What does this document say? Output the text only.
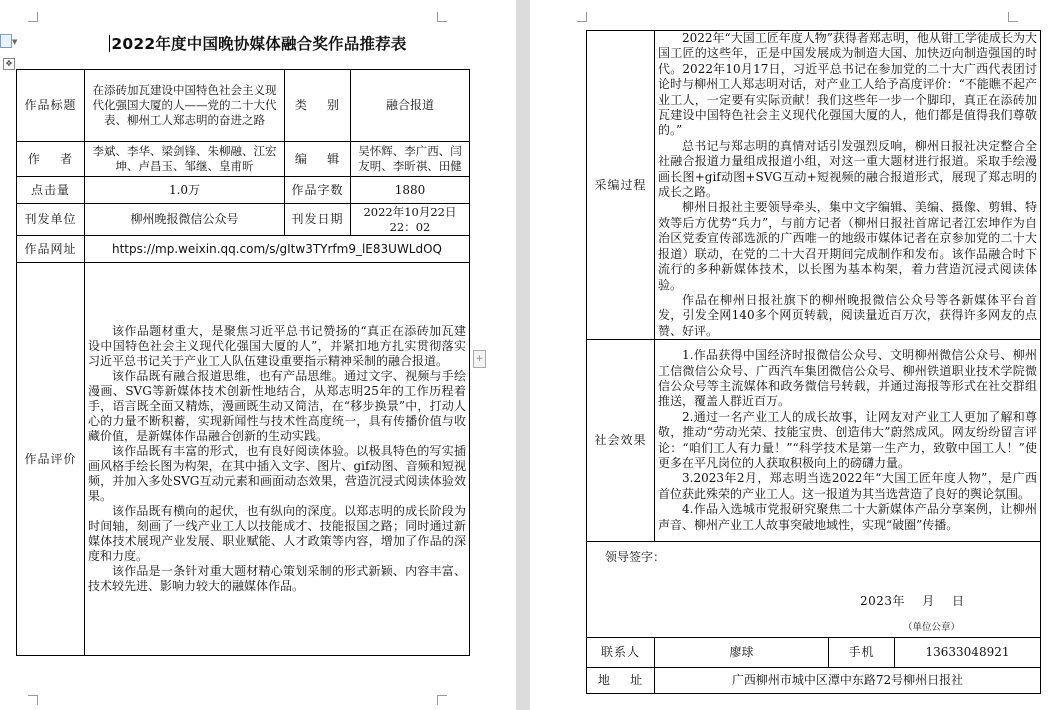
▼	2022年度中国晚协媒体融合奖作品推荐表
✥
作品标题	在添砖加瓦建设中国特色社会主义现代化强国大厦的人——党的二十大代表、柳州工人郑志明的奋进之路	类    别	融合报道
作    者	李斌、李华、梁剑锋、朱柳融、江宏坤、卢昌玉、邹继、皇甫昕	编    辑	吴怀辉、李广西、闫友明、李昕祺、田健
点击量	1.0万	作品字数	1880
刊发单位	柳州晚报微信公众号	刊发日期	2022年10月22日22：02
作品网址	https://mp.weixin.qq.com/s/gItw3TYrfm9_lE83UWLdOQ		
作品评价	该作品题材重大，是聚焦习近平总书记赞扬的“真正在添砖加瓦建设中国特色社会主义现代化强国大厦的人”，并紧扣地方扎实贯彻落实习近平总书记关于产业工人队伍建设重要指示精神采制的融合报道。

该作品既有融合报道思维，也有产品思维。通过文字、视频与手绘漫画、SVG等新媒体技术创新性地结合，从郑志明25年的工作历程着手，语言既全面又精炼，漫画既生动又简洁，在“移步换景”中，打动人心的力量不断积蓄，实现新闻性与技术性高度统一，具有传播价值与收藏价值，是新媒体作品融合创新的生动实践。

该作品既有丰富的形式，也有良好阅读体验。以极具特色的写实插画风格手绘长图为构架，在其中插入文字、图片、gif动图、音频和短视频，并加入多处SVG互动元素和画面动态效果，营造沉浸式阅读体验效果。

该作品既有横向的起伏，也有纵向的深度。以郑志明的成长阶段为时间轴，刻画了一线产业工人以技能成才、技能报国之路；同时通过新媒体技术展现产业发展、职业赋能、人才政策等内容，增加了作品的深度和力度。

该作品是一条针对重大题材精心策划采制的形式新颖、内容丰富、技术较先进、影响力较大的融媒体作品。		

+
采编过程	2022年“大国工匠年度人物”获得者郑志明，他从钳工学徒成长为大国工匠的这些年，正是中国发展成为制造大国、加快迈向制造强国的时代。2022年10月17日，习近平总书记在参加党的二十大广西代表团讨论时与柳州工人郑志明对话，对产业工人给予高度评价：“不能瞧不起产业工人，一定要有实际贡献！我们这些年一步一个脚印，真正在添砖加瓦建设中国特色社会主义现代化强国大厦的人，他们都是值得我们尊敬的。”

总书记与郑志明的真情对话引发强烈反响，柳州日报社决定整合全社融合报道力量组成报道小组，对这一重大题材进行报道。采取手绘漫画长图+gif动图+SVG互动+短视频的融合报道形式，展现了郑志明的成长之路。

柳州日报社主要领导牵头，集中文字编辑、美编、摄像、剪辑、特效等后方优势“兵力”，与前方记者（柳州日报社首席记者江宏坤作为自治区党委宣传部选派的广西唯一的地级市媒体记者在京参加党的二十大报道）联动，在党的二十大召开期间完成制作和发布。该作品融合时下流行的多种新媒体技术，以长图为基本构架，着力营造沉浸式阅读体验。

作品在柳州日报社旗下的柳州晚报微信公众号等各新媒体平台首发，引发全网140多个网页转载，阅读量近百万次，获得许多网友的点赞、好评。		

社会效果	1.作品获得中国经济时报微信公众号、文明柳州微信公众号、柳州工信微信公众号、广西汽车集团微信公众号、柳州铁道职业技术学院微信公众号等主流媒体和政务微信号转载，并通过海报等形式在社交群组推送，覆盖人群近百万。

2.通过一名产业工人的成长故事，让网友对产业工人更加了解和尊敬，推动“劳动光荣、技能宝贵、创造伟大”蔚然成风。网友纷纷留言评论：“咱们工人有力量！”“科学技术是第一生产力，致敬中国工人！”使更多在平凡岗位的人获取积极向上的磅礴力量。

3.2023年2月，郑志明当选2022年“大国工匠年度人物”，是广西首位获此殊荣的产业工人。这一报道为其当选营造了良好的舆论氛围。

4.作品入选城市党报研究聚焦二十大新媒体产品分享案例，让柳州声音、柳州产业工人故事突破地域性，实现“破圈”传播。		

领导签字：
2023年    月    日
（单位公章）			

联系人	廖球	手机	13633048921
地    址	广西柳州市城中区潭中东路72号柳州日报社		
